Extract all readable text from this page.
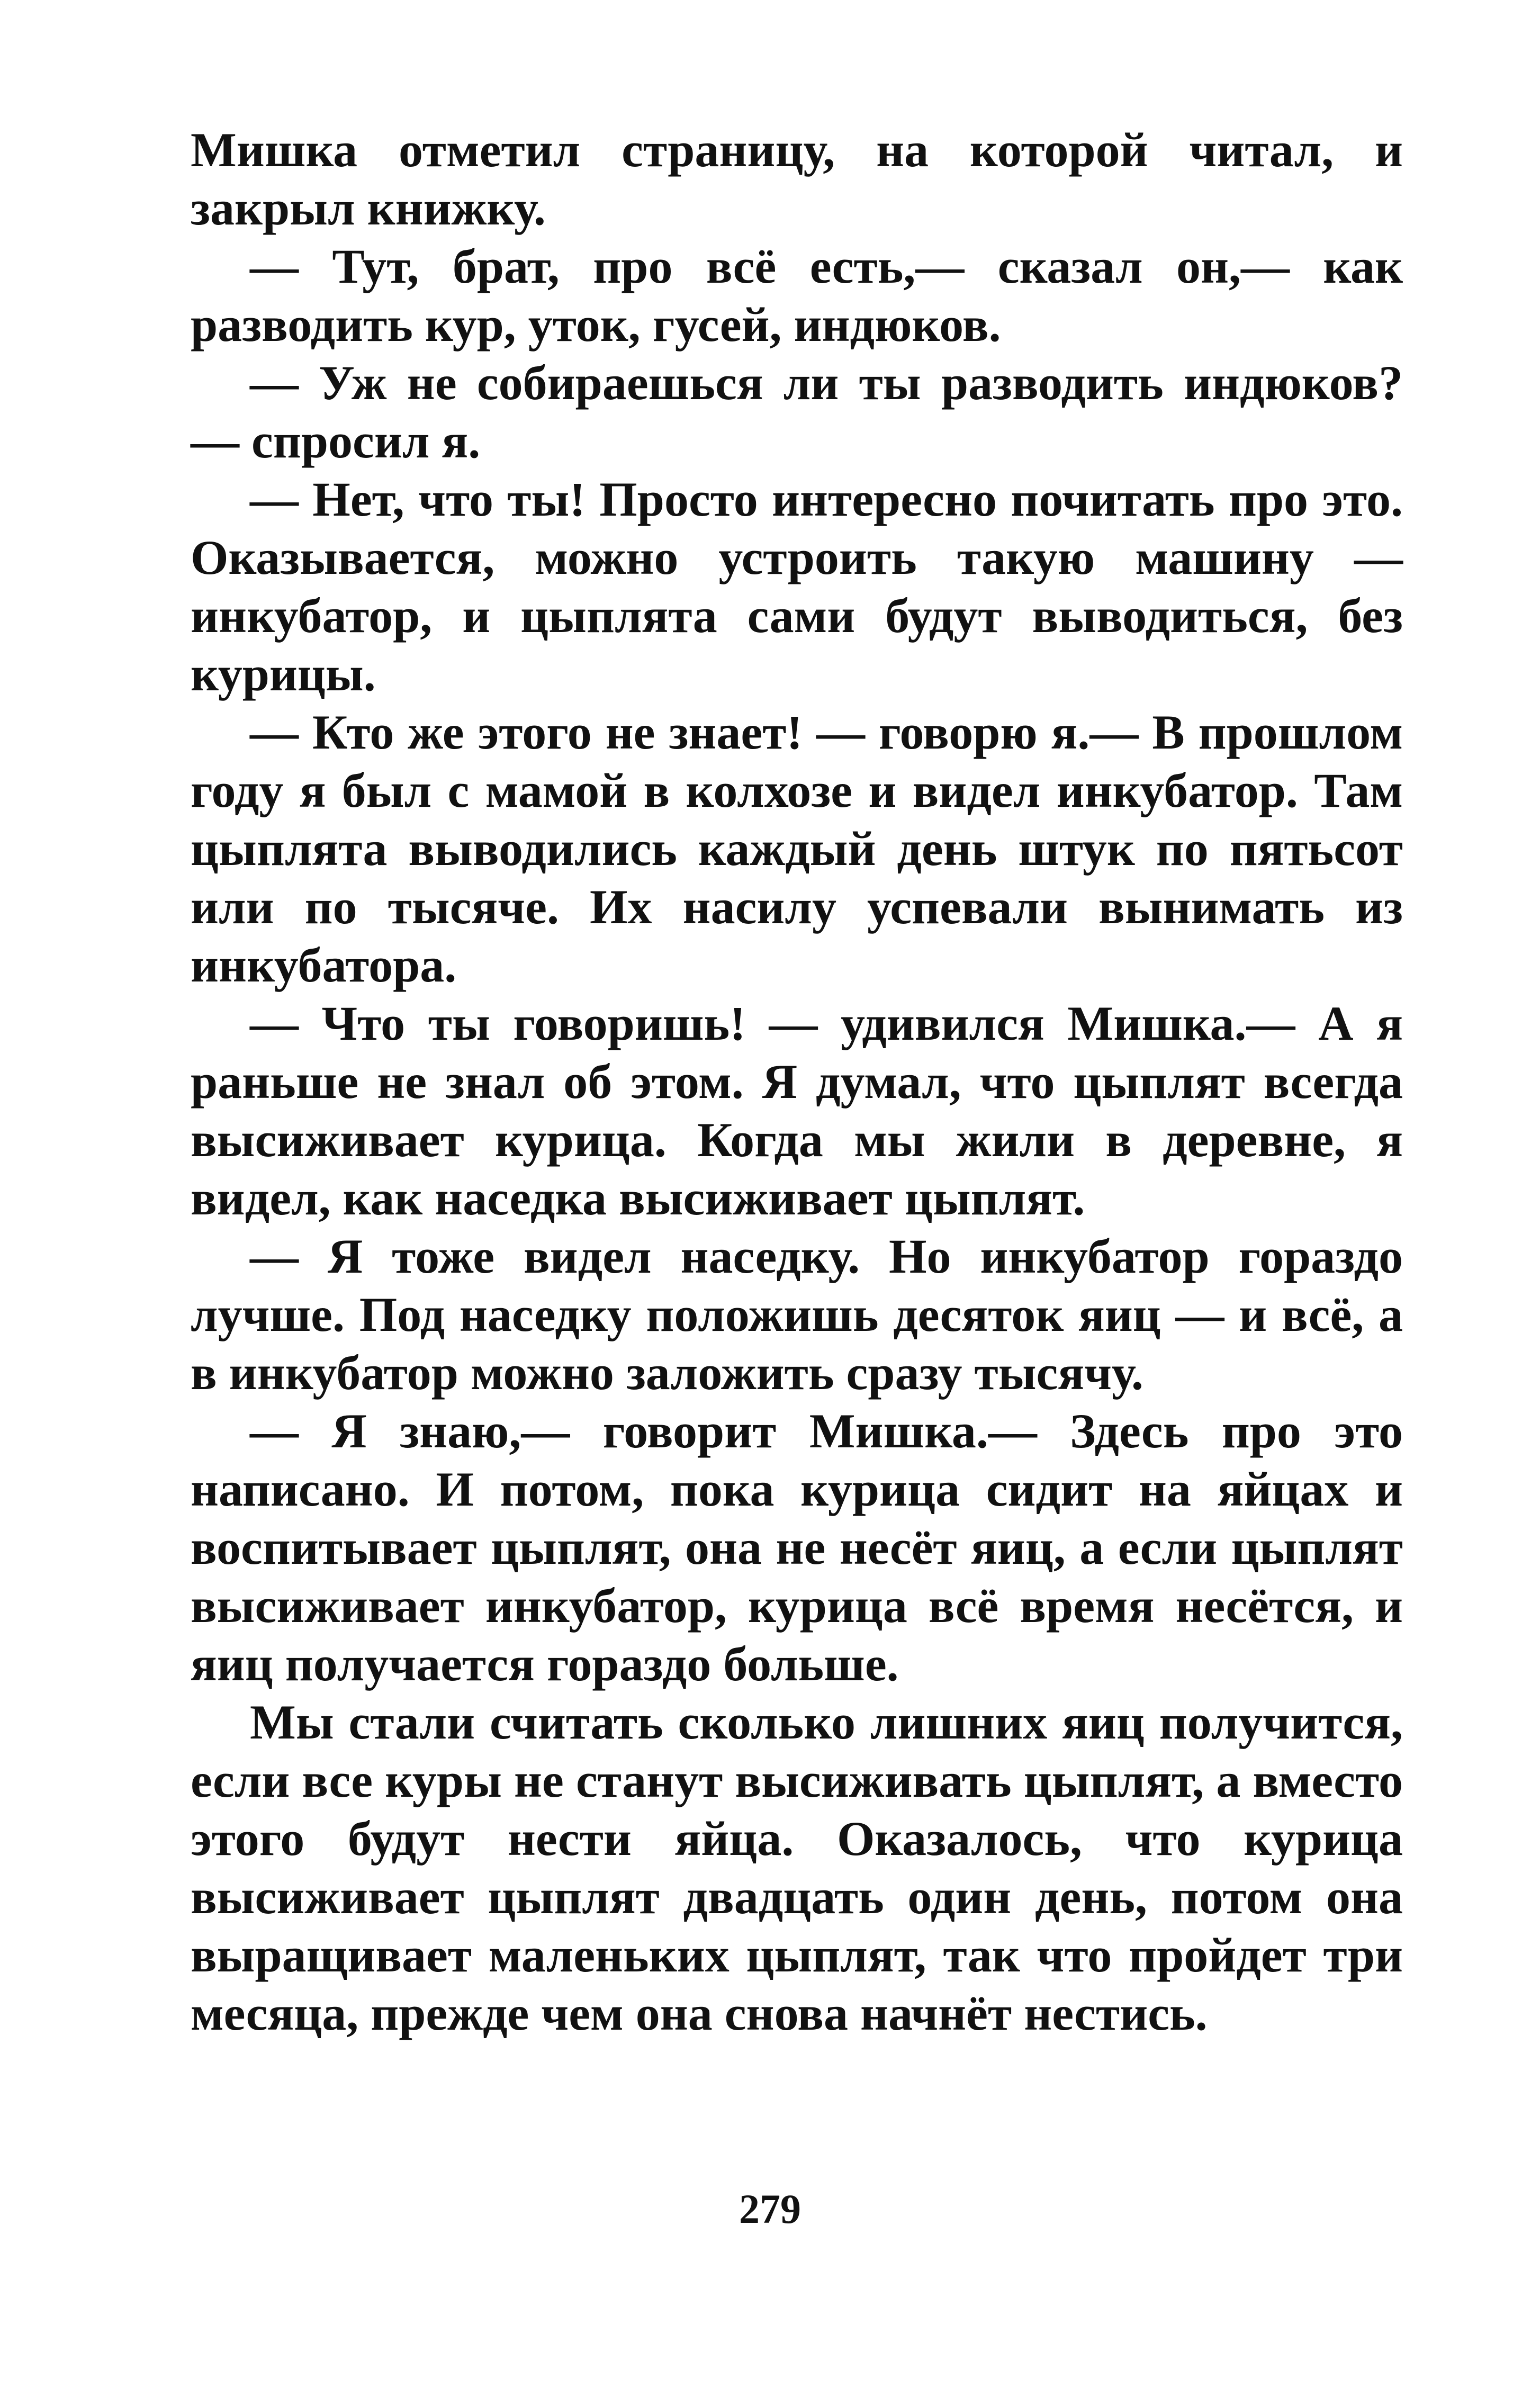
Мишка отметил страницу, на которой читал, и закрыл книжку.

— Тут, брат, про всё есть,— сказал он,— как разводить кур, уток, гусей, индюков.

— Уж не собираешься ли ты разводить индюков? — спросил я.

— Нет, что ты! Просто интересно почитать про это. Оказывается, можно устроить такую машину — инкубатор, и цыплята сами будут выводиться, без курицы.

— Кто же этого не знает! — говорю я.— В прошлом году я был с мамой в колхозе и видел инкубатор. Там цыплята выводились каждый день штук по пятьсот или по тысяче. Их насилу успевали вынимать из инкубатора.

— Что ты говоришь! — удивился Мишка.— А я раньше не знал об этом. Я думал, что цыплят всегда высиживает курица. Когда мы жили в деревне, я видел, как наседка высиживает цыплят.

— Я тоже видел наседку. Но инкубатор гораздо лучше. Под наседку положишь десяток яиц — и всё, а в инкубатор можно заложить сразу тысячу.

— Я знаю,— говорит Мишка.— Здесь про это написано. И потом, пока курица сидит на яйцах и воспитывает цыплят, она не несёт яиц, а если цыплят высиживает инкубатор, курица всё время несётся, и яиц получается гораздо больше.

Мы стали считать сколько лишних яиц получится, если все куры не станут высиживать цыплят, а вместо этого будут нести яйца. Оказалось, что курица высиживает цыплят двадцать один день, потом она выращивает маленьких цыплят, так что пройдет три месяца, прежде чем она снова начнёт нестись.

279
